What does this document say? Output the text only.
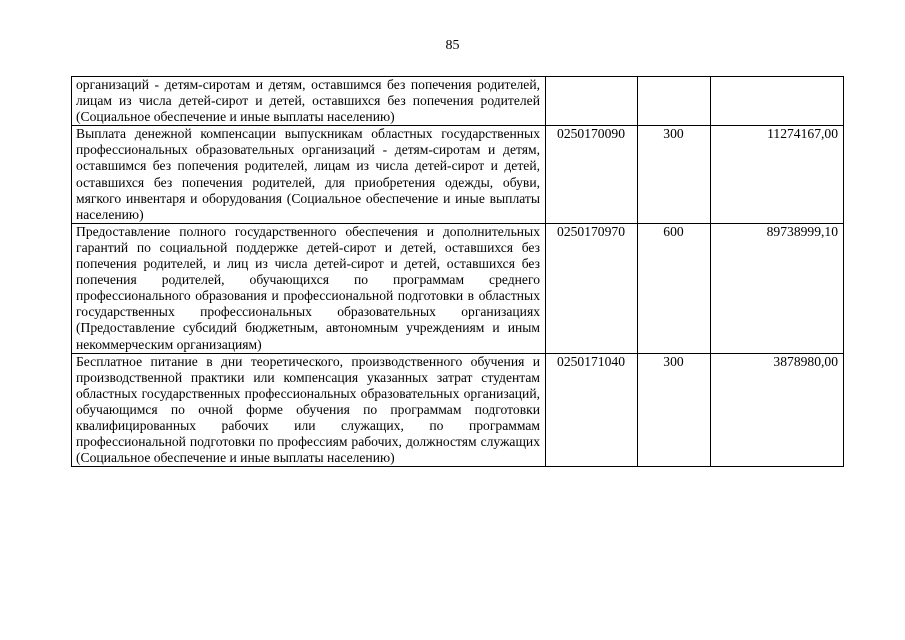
85
организаций - детям-сиротам и детям, оставшимся без попечения родителей, лицам из числа детей-сирот и детей, оставшихся без попечения родителей (Социальное обеспечение и иные выплаты населению)			
Выплата денежной компенсации выпускникам областных государственных профессиональных образовательных организаций - детям-сиротам и детям, оставшимся без попечения родителей, лицам из числа детей-сирот и детей, оставшихся без попечения родителей, для приобретения одежды, обуви, мягкого инвентаря и оборудования (Социальное обеспечение и иные выплаты населению)	0250170090	300	11274167,00
Предоставление полного государственного обеспечения и дополнительных гарантий по социальной поддержке детей-сирот и детей, оставшихся без попечения родителей, и лиц из числа детей-сирот и детей, оставшихся без попечения родителей, обучающихся по программам среднего профессионального образования и профессиональной подготовки в областных государственных профессиональных образовательных организациях (Предоставление субсидий бюджетным, автономным учреждениям и иным некоммерческим организациям)	0250170970	600	89738999,10
Бесплатное питание в дни теоретического, производственного обучения и производственной практики или компенсация указанных затрат студентам областных государственных профессиональных образовательных организаций, обучающимся по очной форме обучения по программам подготовки квалифицированных рабочих или служащих, по программам профессиональной подготовки по профессиям рабочих, должностям служащих (Социальное обеспечение и иные выплаты населению)	0250171040	300	3878980,00
